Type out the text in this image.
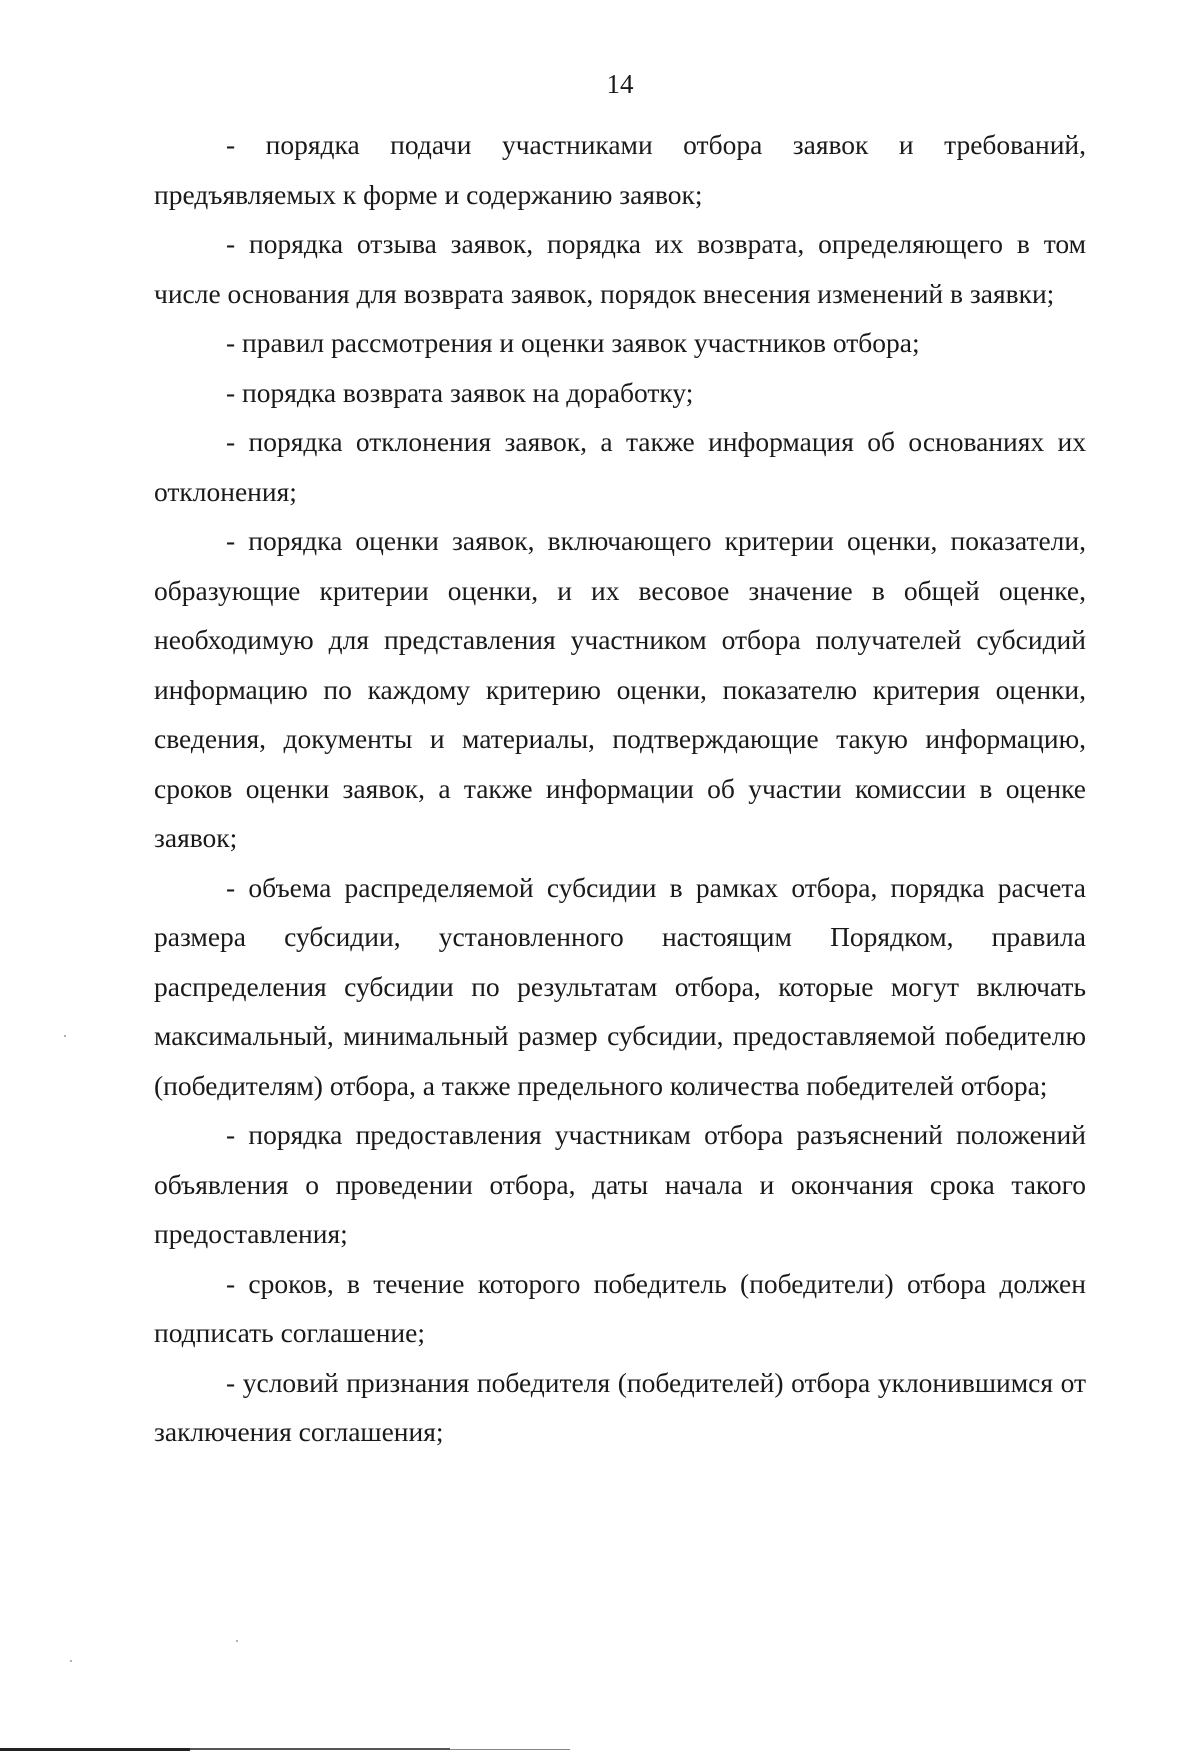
14

- порядка подачи участниками отбора заявок и требований, предъявляемых к форме и содержанию заявок;

- порядка отзыва заявок, порядка их возврата, определяющего в том числе основания для возврата заявок, порядок внесения изменений в заявки;

- правил рассмотрения и оценки заявок участников отбора;

- порядка возврата заявок на доработку;

- порядка отклонения заявок, а также информация об основаниях их отклонения;

- порядка оценки заявок, включающего критерии оценки, показатели, образующие критерии оценки, и их весовое значение в общей оценке, необходимую для представления участником отбора получателей субсидий информацию по каждому критерию оценки, показателю критерия оценки, сведения, документы и материалы, подтверждающие такую информацию, сроков оценки заявок, а также информации об участии комиссии в оценке заявок;

- объема распределяемой субсидии в рамках отбора, порядка расчета размера субсидии, установленного настоящим Порядком, правила распределения субсидии по результатам отбора, которые могут включать максимальный, минимальный размер субсидии, предоставляемой победителю (победителям) отбора, а также предельного количества победителей отбора;

- порядка предоставления участникам отбора разъяснений положений объявления о проведении отбора, даты начала и окончания срока такого предоставления;

- сроков, в течение которого победитель (победители) отбора должен подписать соглашение;

- условий признания победителя (победителей) отбора уклонившимся от заключения соглашения;
